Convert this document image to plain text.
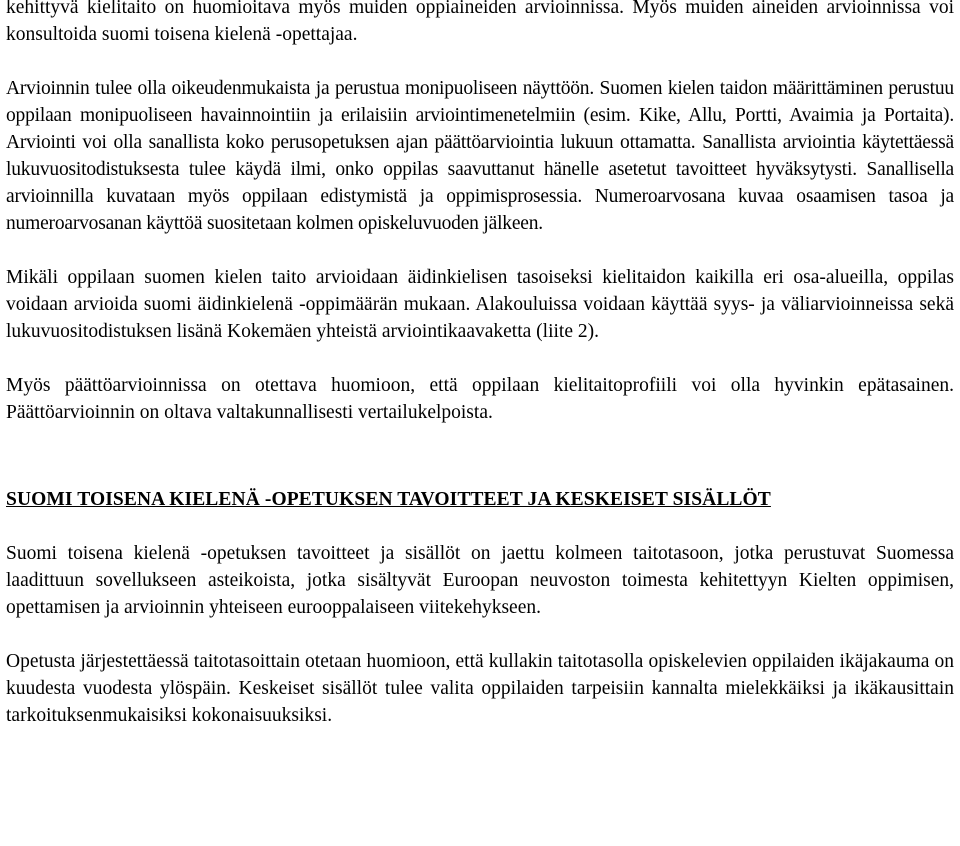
kehittyvä kielitaito on huomioitava myös muiden oppiaineiden arvioinnissa. Myös muiden aineiden arvioinnissa voi konsultoida suomi toisena kielenä -opettajaa.

Arvioinnin tulee olla oikeudenmukaista ja perustua monipuoliseen näyttöön. Suomen kielen taidon määrittäminen perustuu oppilaan monipuoliseen havainnointiin ja erilaisiin arviointimenetelmiin (esim. Kike, Allu, Portti, Avaimia ja Portaita). Arviointi voi olla sanallista koko perusopetuksen ajan päättöarviointia lukuun ottamatta. Sanallista arviointia käytettäessä lukuvuositodistuksesta tulee käydä ilmi, onko oppilas saavuttanut hänelle asetetut tavoitteet hyväksytysti. Sanallisella arvioinnilla kuvataan myös oppilaan edistymistä ja oppimisprosessia. Numeroarvosana kuvaa osaamisen tasoa ja numeroarvosanan käyttöä suositetaan kolmen opiskeluvuoden jälkeen.

Mikäli oppilaan suomen kielen taito arvioidaan äidinkielisen tasoiseksi kielitaidon kaikilla eri osa-alueilla, oppilas voidaan arvioida suomi äidinkielenä -oppimäärän mukaan. Alakouluissa voidaan käyttää syys- ja väliarvioinneissa sekä lukuvuositodistuksen lisänä Kokemäen yhteistä arviointikaavaketta (liite 2).

Myös päättöarvioinnissa on otettava huomioon, että oppilaan kielitaitoprofiili voi olla hyvinkin epätasainen. Päättöarvioinnin on oltava valtakunnallisesti vertailukelpoista.

SUOMI TOISENA KIELENÄ -OPETUKSEN TAVOITTEET JA KESKEISET SISÄLLÖT

Suomi toisena kielenä -opetuksen tavoitteet ja sisällöt on jaettu kolmeen taitotasoon, jotka perustuvat Suomessa laadittuun sovellukseen asteikoista, jotka sisältyvät Euroopan neuvoston toimesta kehitettyyn Kielten oppimisen, opettamisen ja arvioinnin yhteiseen eurooppalaiseen viitekehykseen.

Opetusta järjestettäessä taitotasoittain otetaan huomioon, että kullakin taitotasolla opiskelevien oppilaiden ikäjakauma on kuudesta vuodesta ylöspäin. Keskeiset sisällöt tulee valita oppilaiden tarpeisiin kannalta mielekkäiksi ja ikäkausittain tarkoituksenmukaisiksi kokonaisuuksiksi.
